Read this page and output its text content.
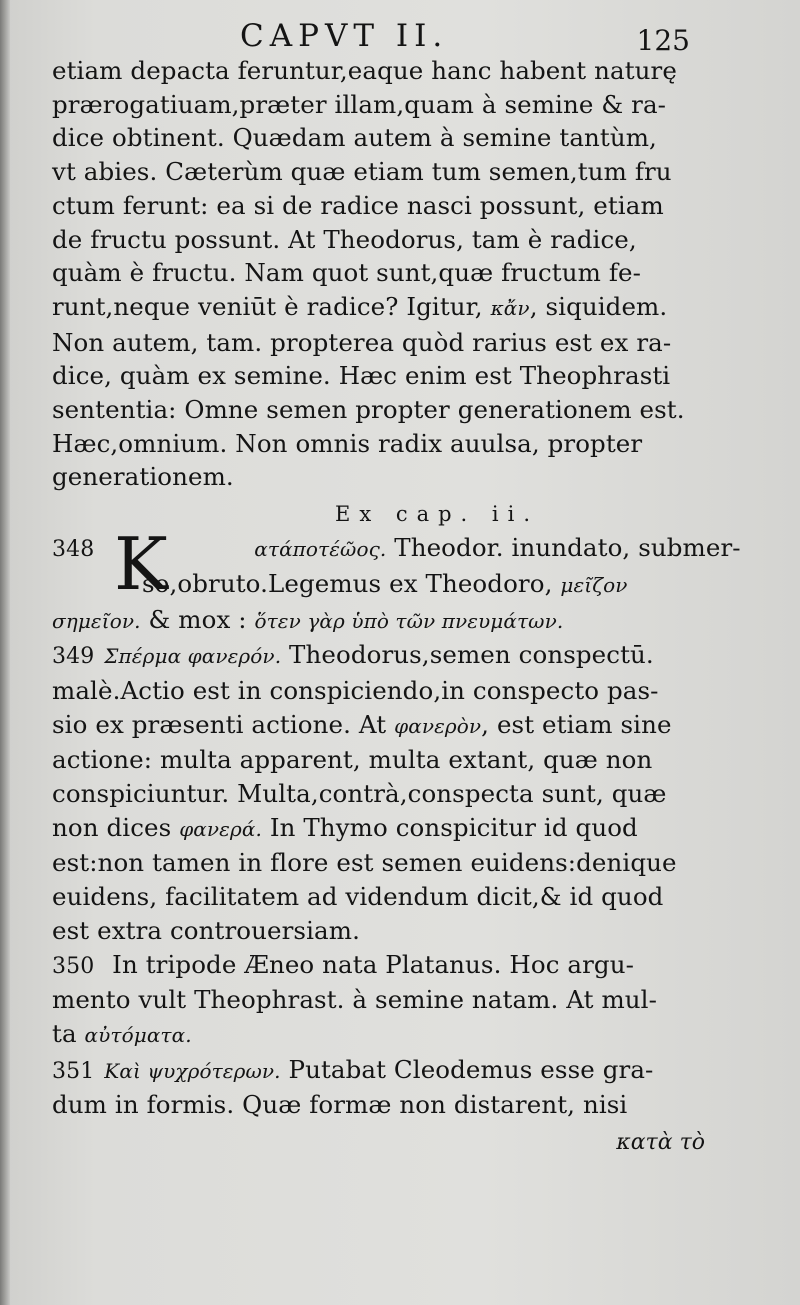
CAPVT II.	125
etiam depacta feruntur,eaque hanc habent naturę
prærogatiuam,præter illam,quam à semine & ra-
dice obtinent. Quædam autem à semine tantùm,
vt abies. Cæterùm quæ etiam tum semen,tum fru
ctum ferunt: ea si de radice nasci possunt, etiam
de fructu possunt. At Theodorus, tam è radice,
quàm è fructu. Nam quot sunt,quæ fructum fe-
runt,neque veniūt è radice? Igitur, κἄν, siquidem.
Non autem, tam. propterea quòd rarius est ex ra-
dice, quàm ex semine. Hæc enim est Theophrasti
sententia: Omne semen propter generationem est.
Hæc,omnium. Non omnis radix auulsa, propter
generationem.
Ex cap. ii.
K
348	ατάποτέῶος. Theodor. inundato, submer-
so,obruto.Legemus ex Theodoro, μεῖζον
σημεῖον. & mox : ὅτεν γὰρ ὑπὸ τῶν πνευμάτων.
349 Σπέρμα φανερόν. Theodorus,semen conspectū.
malè.Actio est in conspiciendo,in conspecto pas-
sio ex præsenti actione. At φανερὸν, est etiam sine
actione: multa apparent, multa extant, quæ non
conspiciuntur. Multa,contrà,conspecta sunt, quæ
non dices φανερά. In Thymo conspicitur id quod
est:non tamen in flore est semen euidens:denique
euidens, facilitatem ad videndum dicit,& id quod
est extra controuersiam.
350 In tripode Æneo nata Platanus. Hoc argu-
mento vult Theophrast. à semine natam. At mul-
ta αὐτόματα.
351 Καὶ ψυχρότερων. Putabat Cleodemus esse gra-
dum in formis. Quæ formæ non distarent, nisi
κατὰ τὸ
